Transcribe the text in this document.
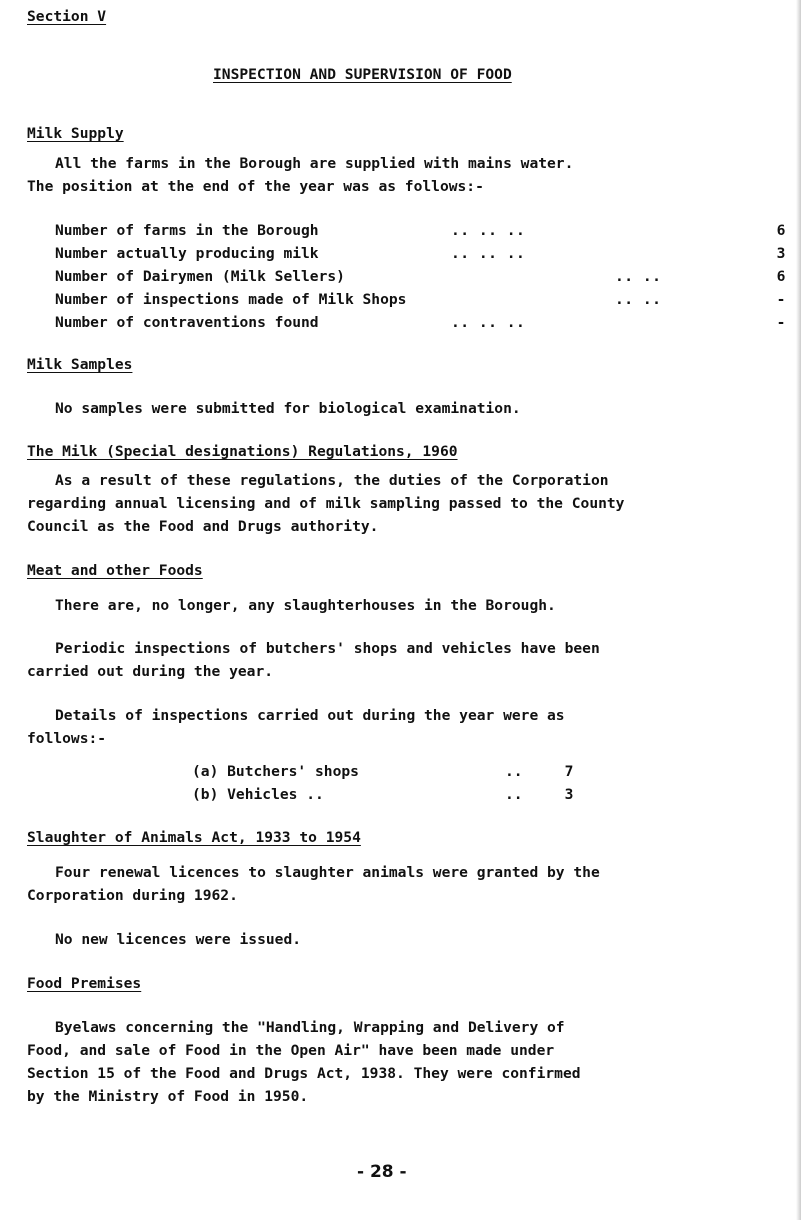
Section V
INSPECTION AND SUPERVISION OF FOOD
Milk Supply
All the farms in the Borough are supplied with mains water.
The position at the end of the year was as follows:-
Number of farms in the Borough	.. .. ..	6
Number actually producing milk	.. .. ..	3
Number of Dairymen (Milk Sellers)	.. ..	6
Number of inspections made of Milk Shops	.. ..	-
Number of contraventions found	.. .. ..	-
Milk Samples
No samples were submitted for biological examination.
The Milk (Special designations) Regulations, 1960
As a result of these regulations, the duties of the Corporation
regarding annual licensing and of milk sampling passed to the County
Council as the Food and Drugs authority.
Meat and other Foods
There are, no longer, any slaughterhouses in the Borough.
Periodic inspections of butchers' shops and vehicles have been
carried out during the year.
Details of inspections carried out during the year were as
follows:-
(a) Butchers' shops	..	7
(b) Vehicles ..	..	3
Slaughter of Animals Act, 1933 to 1954
Four renewal licences to slaughter animals were granted by the
Corporation during 1962.
No new licences were issued.
Food Premises
Byelaws concerning the "Handling, Wrapping and Delivery of
Food, and sale of Food in the Open Air" have been made under
Section 15 of the Food and Drugs Act, 1938. They were confirmed
by the Ministry of Food in 1950.
- 28 -
